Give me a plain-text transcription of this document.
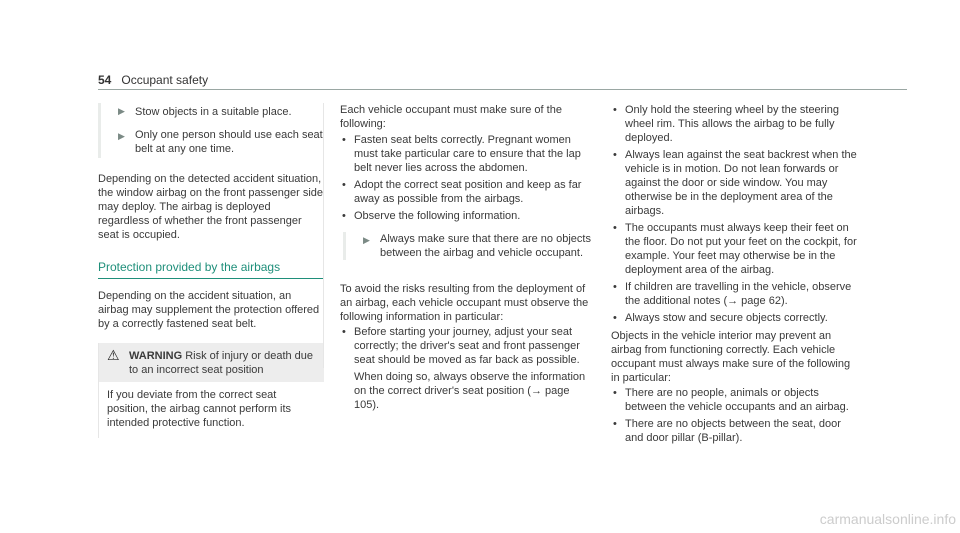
54 Occupant safety
▶ Stow objects in a suitable place.

▶ Only one person should use each seat belt at any one time.

Depending on the detected accident situation, the window airbag on the front passenger side may deploy. The airbag is deployed regardless of whether the front passenger seat is occupied.

Protection provided by the airbags

Depending on the accident situation, an airbag may supplement the protection offered by a correctly fastened seat belt.

⚠ WARNING Risk of injury or death due to an incorrect seat position
If you deviate from the correct seat position, the airbag cannot perform its intended protective function.

Each vehicle occupant must make sure of the following:

• Fasten seat belts correctly. Pregnant women must take particular care to ensure that the lap belt never lies across the abdomen.
• Adopt the correct seat position and keep as far away as possible from the airbags.
• Observe the following information.
▶ Always make sure that there are no objects between the airbag and vehicle occupant.

To avoid the risks resulting from the deployment of an airbag, each vehicle occupant must observe the following information in particular:

• Before starting your journey, adjust your seat correctly; the driver's seat and front passenger seat should be moved as far back as possible.

When doing so, always observe the information on the correct driver's seat position (→ page 105).

• Only hold the steering wheel by the steering wheel rim. This allows the airbag to be fully deployed.
• Always lean against the seat backrest when the vehicle is in motion. Do not lean forwards or against the door or side window. You may otherwise be in the deployment area of the airbags.
• The occupants must always keep their feet on the floor. Do not put your feet on the cockpit, for example. Your feet may otherwise be in the deployment area of the airbag.
• If children are travelling in the vehicle, observe the additional notes (→ page 62).
• Always stow and secure objects correctly.

Objects in the vehicle interior may prevent an airbag from functioning correctly. Each vehicle occupant must always make sure of the following in particular:

• There are no people, animals or objects between the vehicle occupants and an airbag.
• There are no objects between the seat, door and door pillar (B-pillar).
carmanualsonline.info
